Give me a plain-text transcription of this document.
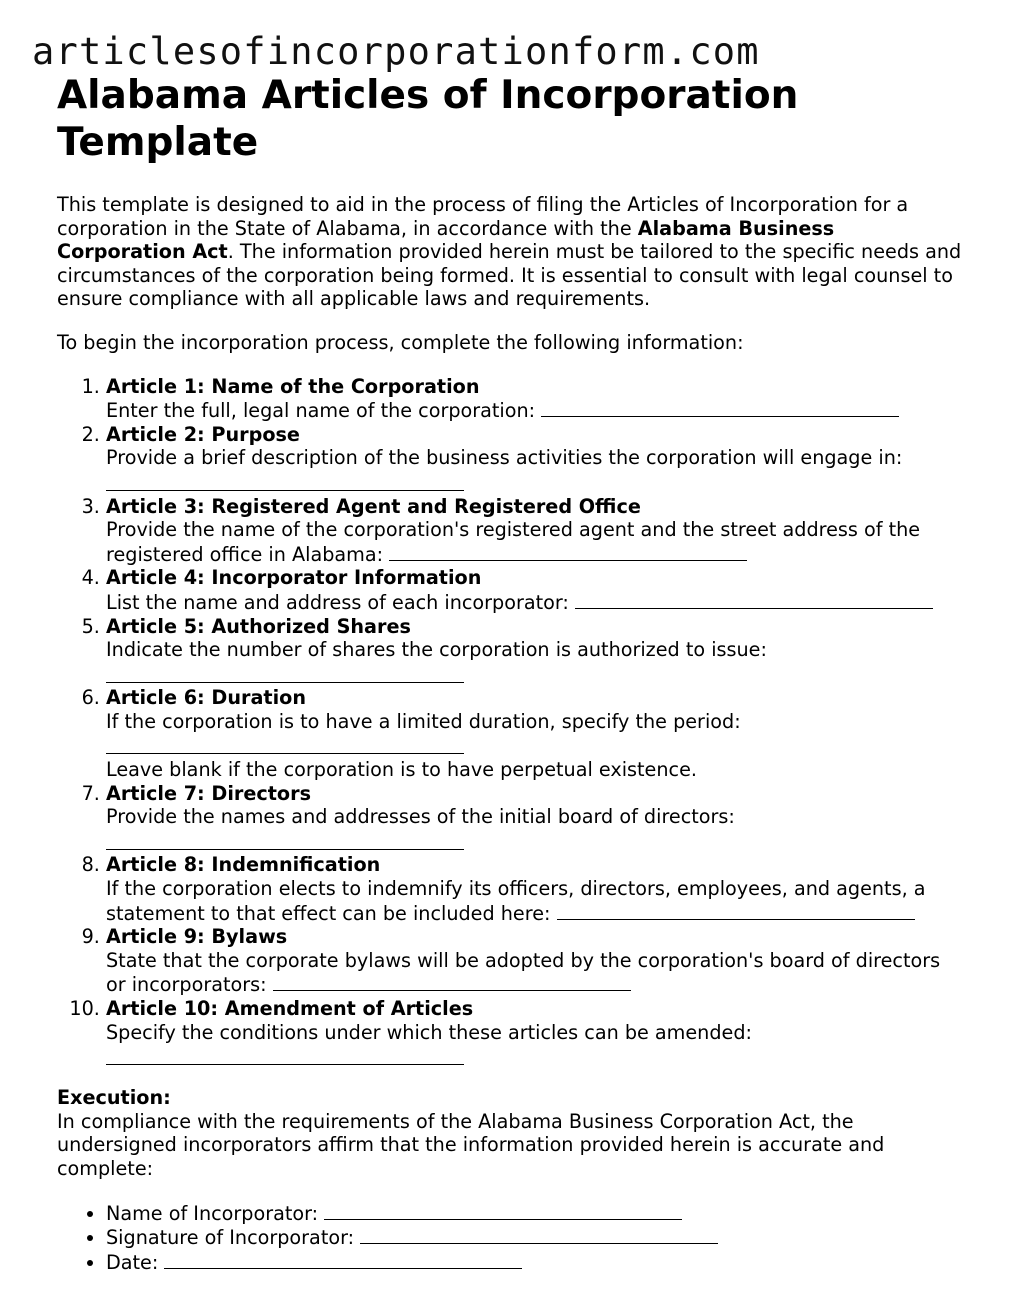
articlesofincorporationform.com
Alabama Articles of Incorporation Template

This template is designed to aid in the process of filing the Articles of Incorporation for a corporation in the State of Alabama, in accordance with the Alabama Business Corporation Act. The information provided herein must be tailored to the specific needs and circumstances of the corporation being formed. It is essential to consult with legal counsel to ensure compliance with all applicable laws and requirements.

To begin the incorporation process, complete the following information:

1. Article 1: Name of the Corporation
Enter the full, legal name of the corporation:
2. Article 2: Purpose
Provide a brief description of the business activities the corporation will engage in:
3. Article 3: Registered Agent and Registered Office
Provide the name of the corporation's registered agent and the street address of the registered office in Alabama:
4. Article 4: Incorporator Information
List the name and address of each incorporator:
5. Article 5: Authorized Shares
Indicate the number of shares the corporation is authorized to issue:
6. Article 6: Duration
If the corporation is to have a limited duration, specify the period:
Leave blank if the corporation is to have perpetual existence.
7. Article 7: Directors
Provide the names and addresses of the initial board of directors:
8. Article 8: Indemnification
If the corporation elects to indemnify its officers, directors, employees, and agents, a statement to that effect can be included here:
9. Article 9: Bylaws
State that the corporate bylaws will be adopted by the corporation's board of directors or incorporators:
10. Article 10: Amendment of Articles
Specify the conditions under which these articles can be amended:

Execution:

In compliance with the requirements of the Alabama Business Corporation Act, the undersigned incorporators affirm that the information provided herein is accurate and complete:

• Name of Incorporator:
• Signature of Incorporator:
• Date:
